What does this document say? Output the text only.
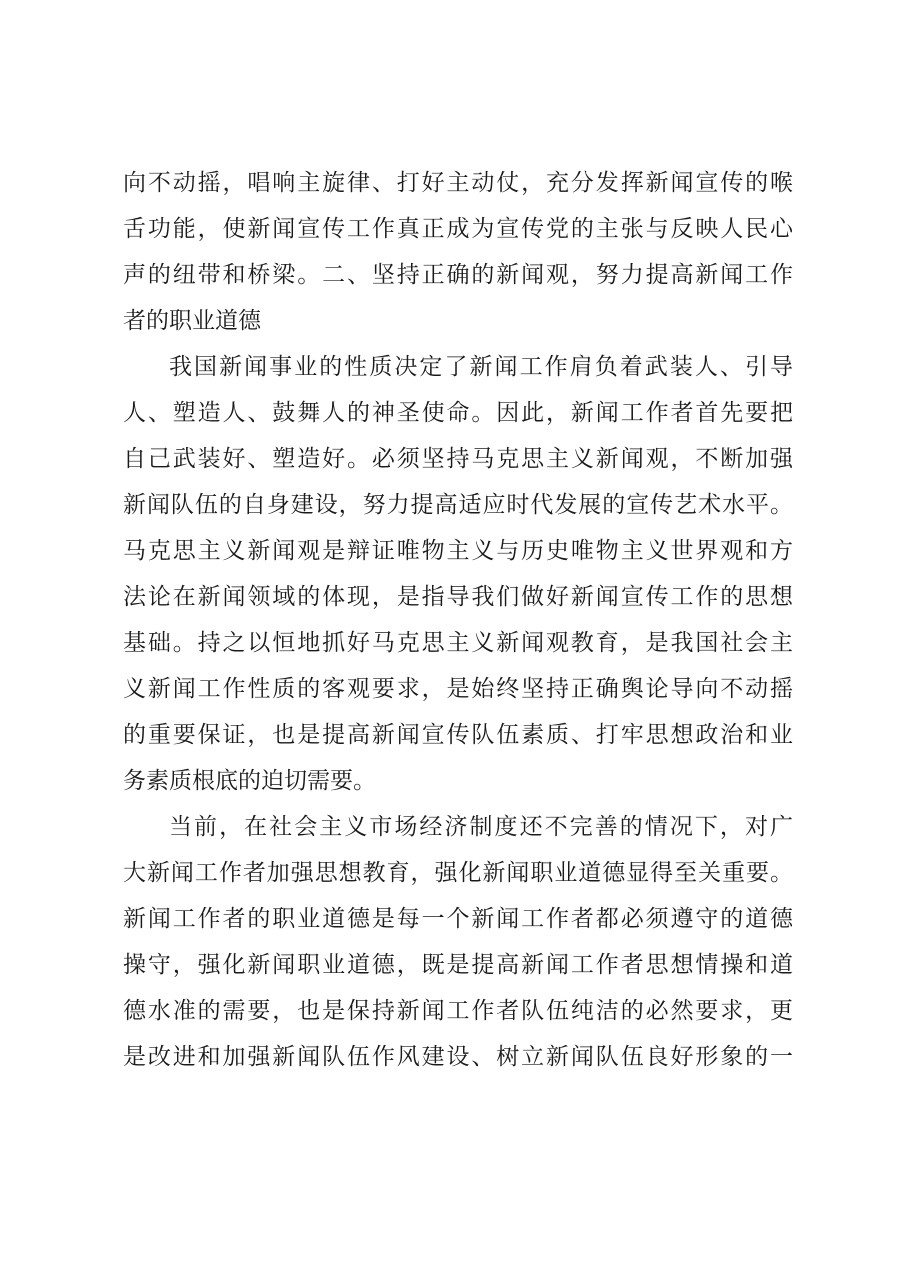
向不动摇，唱响主旋律、打好主动仗，充分发挥新闻宣传的喉
舌功能，使新闻宣传工作真正成为宣传党的主张与反映人民心
声的纽带和桥梁。二、坚持正确的新闻观，努力提高新闻工作
者的职业道德
我国新闻事业的性质决定了新闻工作肩负着武装人、引导
人、塑造人、鼓舞人的神圣使命。因此，新闻工作者首先要把
自己武装好、塑造好。必须坚持马克思主义新闻观，不断加强
新闻队伍的自身建设，努力提高适应时代发展的宣传艺术水平。
马克思主义新闻观是辩证唯物主义与历史唯物主义世界观和方
法论在新闻领域的体现，是指导我们做好新闻宣传工作的思想
基础。持之以恒地抓好马克思主义新闻观教育，是我国社会主
义新闻工作性质的客观要求，是始终坚持正确舆论导向不动摇
的重要保证，也是提高新闻宣传队伍素质、打牢思想政治和业
务素质根底的迫切需要。
当前，在社会主义市场经济制度还不完善的情况下，对广
大新闻工作者加强思想教育，强化新闻职业道德显得至关重要。
新闻工作者的职业道德是每一个新闻工作者都必须遵守的道德
操守，强化新闻职业道德，既是提高新闻工作者思想情操和道
德水准的需要，也是保持新闻工作者队伍纯洁的必然要求，更
是改进和加强新闻队伍作风建设、树立新闻队伍良好形象的一
